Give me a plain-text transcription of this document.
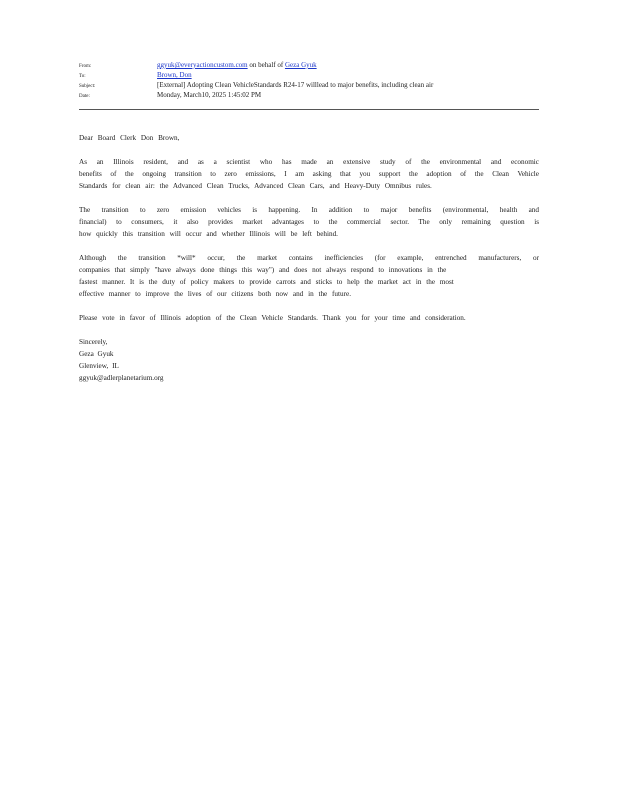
From:	ggyuk@everyactioncustom.com on behalf of Geza Gyuk
To:	Brown, Don
Subject:	[External] Adopting Clean VehicleStandards R24-17 willlead to major benefits, including clean air
Date:	Monday, March10, 2025 1:45:02 PM

Dear Board Clerk Don Brown,

As an Illinois resident, and as a scientist who has made an extensive study of the environmental and economic
benefits of the ongoing transition to zero emissions, I am asking that you support the adoption of the Clean Vehicle
Standards for clean air: the Advanced Clean Trucks, Advanced Clean Cars, and Heavy-Duty Omnibus rules.

The transition to zero emission vehicles is happening. In addition to major benefits (environmental, health and
financial) to consumers, it also provides market advantages to the commercial sector. The only remaining question is
how quickly this transition will occur and whether Illinois will be left behind.

Although the transition *will* occur, the market contains inefficiencies (for example, entrenched manufacturers, or
companies that simply "have always done things this way") and does not always respond to innovations in the
fastest manner. It is the duty of policy makers to provide carrots and sticks to help the market act in the most
effective manner to improve the lives of our citizens both now and in the future.

Please vote in favor of Illinois adoption of the Clean Vehicle Standards. Thank you for your time and consideration.

Sincerely,
Geza Gyuk
Glenview, IL
ggyuk@adlerplanetarium.org
